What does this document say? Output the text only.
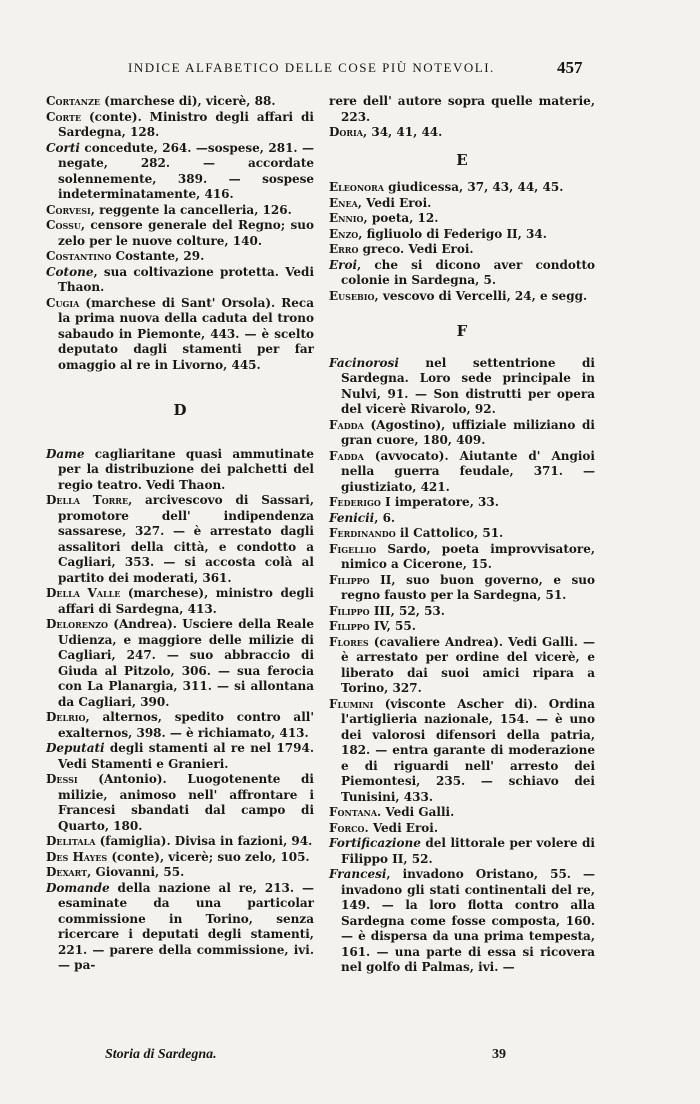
INDICE ALFABETICO DELLE COSE PIÙ NOTEVOLI.	457

Cortanze (marchese di), vicerè, 88.

Corte (conte). Ministro degli affari di Sardegna, 128.

Corti concedute, 264. —sospese, 281. — negate, 282. — accordate solennemente, 389. — sospese indeterminatamente, 416.

Corvesi, reggente la cancelleria, 126.

Cossu, censore generale del Regno; suo zelo per le nuove colture, 140.

Costantino Costante, 29.

Cotone, sua coltivazione protetta. Vedi Thaon.

Cugia (marchese di Sant' Orsola). Reca la prima nuova della caduta del trono sabaudo in Piemonte, 443. — è scelto deputato dagli stamenti per far omaggio al re in Livorno, 445.

D

Dame cagliaritane quasi ammutinate per la distribuzione dei palchetti del regio teatro. Vedi Thaon.

Della Torre, arcivescovo di Sassari, promotore dell' indipendenza sassarese, 327. — è arrestato dagli assalitori della città, e condotto a Cagliari, 353. — si accosta colà al partito dei moderati, 361.

Della Valle (marchese), ministro degli affari di Sardegna, 413.

Delorenzo (Andrea). Usciere della Reale Udienza, e maggiore delle milizie di Cagliari, 247. — suo abbraccio di Giuda al Pitzolo, 306. — sua ferocia con La Planargia, 311. — si allontana da Cagliari, 390.

Delrio, alternos, spedito contro all' exalternos, 398. — è richiamato, 413.

Deputati degli stamenti al re nel 1794. Vedi Stamenti e Granieri.

Dessi (Antonio). Luogotenente di milizie, animoso nell' affrontare i Francesi sbandati dal campo di Quarto, 180.

Delitala (famiglia). Divisa in fazioni, 94.

Des Hayes (conte), vicerè; suo zelo, 105.

Dexart, Giovanni, 55.

Domande della nazione al re, 213. — esaminate da una particolar commissione in Torino, senza ricercare i deputati degli stamenti, 221. — parere della commissione, ivi. — pa-

rere dell' autore sopra quelle materie, 223.

Doria, 34, 41, 44.

E

Eleonora giudicessa, 37, 43, 44, 45.

Enea, Vedi Eroi.

Ennio, poeta, 12.

Enzo, figliuolo di Federigo II, 34.

Erro greco. Vedi Eroi.

Eroi, che si dicono aver condotto colonie in Sardegna, 5.

Eusebio, vescovo di Vercelli, 24, e segg.

F

Facinorosi nel settentrione di Sardegna. Loro sede principale in Nulvi, 91. — Son distrutti per opera del vicerè Rivarolo, 92.

Fadda (Agostino), uffiziale miliziano di gran cuore, 180, 409.

Fadda (avvocato). Aiutante d' Angioi nella guerra feudale, 371. — giustiziato, 421.

Federigo I imperatore, 33.

Fenicii, 6.

Ferdinando il Cattolico, 51.

Figellio Sardo, poeta improvvisatore, nimico a Cicerone, 15.

Filippo II, suo buon governo, e suo regno fausto per la Sardegna, 51.

Filippo III, 52, 53.

Filippo IV, 55.

Flores (cavaliere Andrea). Vedi Galli. — è arrestato per ordine del vicerè, e liberato dai suoi amici ripara a Torino, 327.

Flumini (visconte Ascher di). Ordina l'artiglieria nazionale, 154. — è uno dei valorosi difensori della patria, 182. — entra garante di moderazione e di riguardi nell' arresto dei Piemontesi, 235. — schiavo dei Tunisini, 433.

Fontana. Vedi Galli.

Forco. Vedi Eroi.

Fortificazione del littorale per volere di Filippo II, 52.

Francesi, invadono Oristano, 55. — invadono gli stati continentali del re, 149. — la loro flotta contro alla Sardegna come fosse composta, 160. — è dispersa da una prima tempesta, 161. — una parte di essa si ricovera nel golfo di Palmas, ivi. —

Storia di Sardegna.	39
